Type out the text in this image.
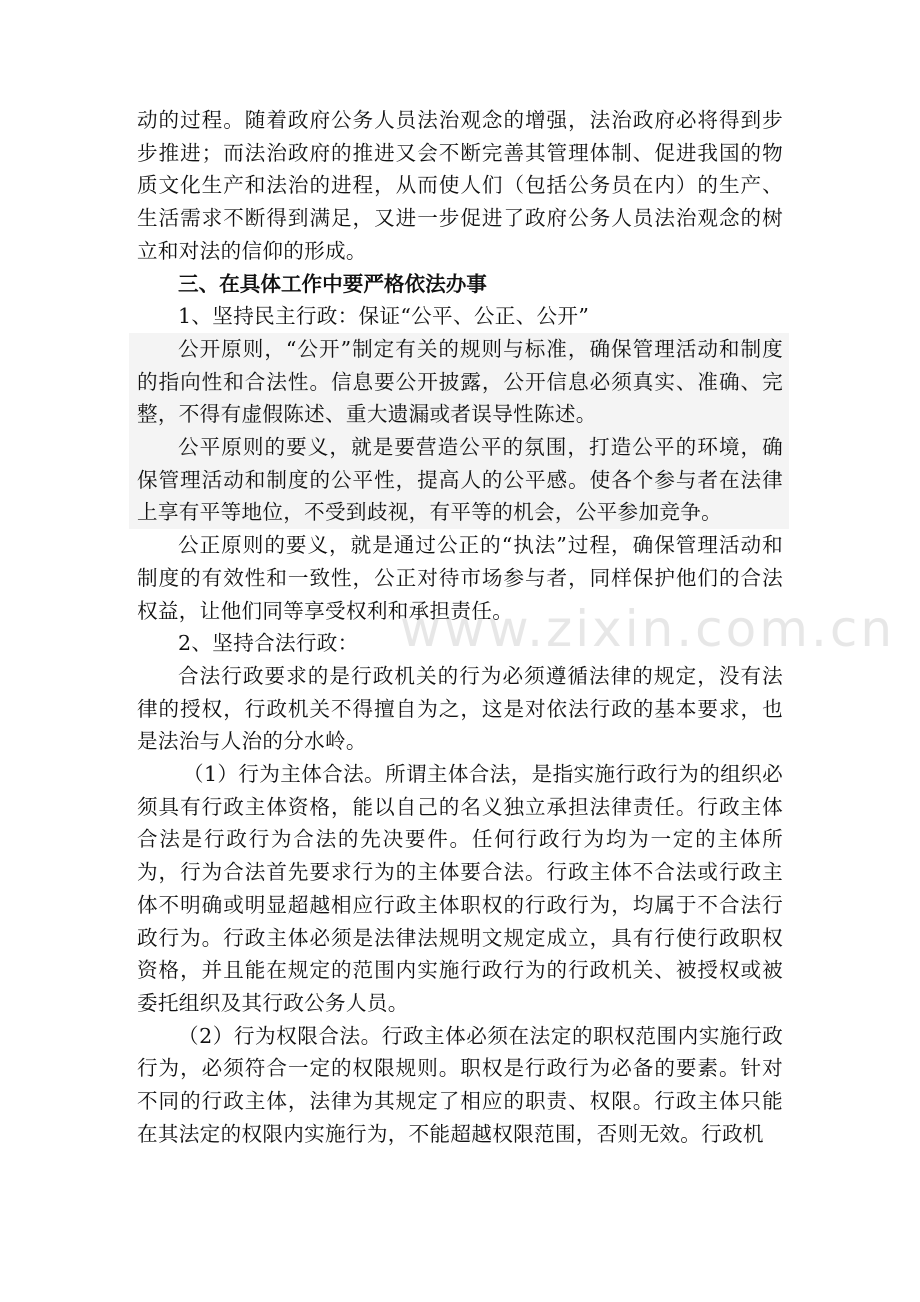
动的过程。随着政府公务人员法治观念的增强，法治政府必将得到步步推进；而法治政府的推进又会不断完善其管理体制、促进我国的物质文化生产和法治的进程，从而使人们（包括公务员在内）的生产、生活需求不断得到满足，又进一步促进了政府公务人员法治观念的树立和对法的信仰的形成。

三、在具体工作中要严格依法办事

1、坚持民主行政：保证“公平、公正、公开”

公开原则，“公开”制定有关的规则与标准，确保管理活动和制度的指向性和合法性。信息要公开披露，公开信息必须真实、准确、完整，不得有虚假陈述、重大遗漏或者误导性陈述。

公平原则的要义，就是要营造公平的氛围，打造公平的环境，确保管理活动和制度的公平性，提高人的公平感。使各个参与者在法律上享有平等地位，不受到歧视，有平等的机会，公平参加竞争。

公正原则的要义，就是通过公正的“执法”过程，确保管理活动和制度的有效性和一致性，公正对待市场参与者，同样保护他们的合法权益，让他们同等享受权利和承担责任。

2、坚持合法行政：

合法行政要求的是行政机关的行为必须遵循法律的规定，没有法律的授权，行政机关不得擅自为之，这是对依法行政的基本要求，也是法治与人治的分水岭。

（1）行为主体合法。所谓主体合法，是指实施行政行为的组织必须具有行政主体资格，能以自己的名义独立承担法律责任。行政主体合法是行政行为合法的先决要件。任何行政行为均为一定的主体所为，行为合法首先要求行为的主体要合法。行政主体不合法或行政主体不明确或明显超越相应行政主体职权的行政行为，均属于不合法行政行为。行政主体必须是法律法规明文规定成立，具有行使行政职权资格，并且能在规定的范围内实施行政行为的行政机关、被授权或被委托组织及其行政公务人员。

（2）行为权限合法。行政主体必须在法定的职权范围内实施行政行为，必须符合一定的权限规则。职权是行政行为必备的要素。针对不同的行政主体，法律为其规定了相应的职责、权限。行政主体只能在其法定的权限内实施行为，不能超越权限范围，否则无效。行政机

www.zixin.com.cn
